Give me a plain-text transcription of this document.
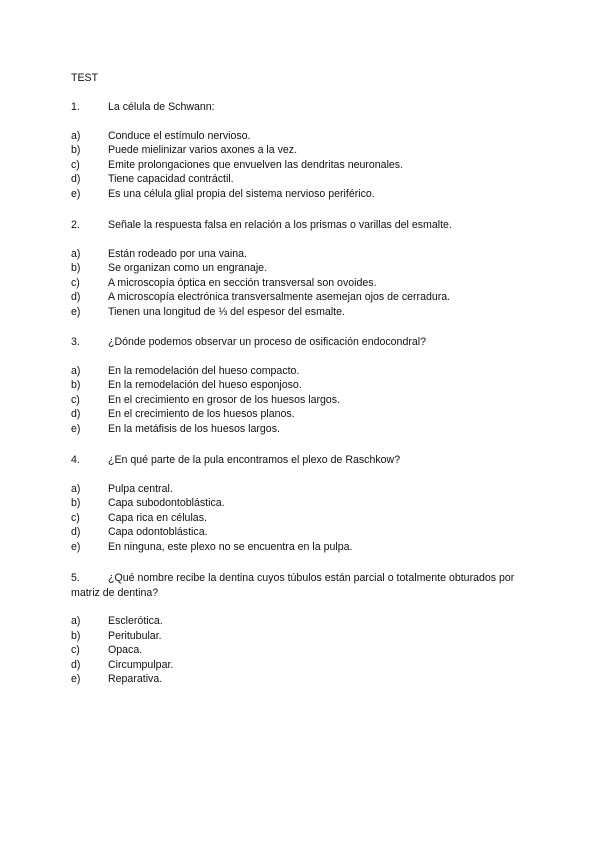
TEST
1.	La célula de Schwann:
a)	Conduce el estímulo nervioso.
b)	Puede mielinizar varios axones a la vez.
c)	Emite prolongaciones que envuelven las dendritas neuronales.
d)	Tiene capacidad contráctil.
e)	Es una célula glial propia del sistema nervioso periférico.
2.	Señale la respuesta falsa en relación a los prismas o varillas del esmalte.
a)	Están rodeado por una vaina.
b)	Se organizan como un engranaje.
c)	A microscopía óptica en sección transversal son ovoides.
d)	A microscopía electrónica transversalmente asemejan ojos de cerradura.
e)	Tienen una longitud de ⅓ del espesor del esmalte.
3.	¿Dónde podemos observar un proceso de osificación endocondral?
a)	En la remodelación del hueso compacto.
b)	En la remodelación del hueso esponjoso.
c)	En el crecimiento en grosor de los huesos largos.
d)	En el crecimiento de los huesos planos.
e)	En la metáfisis de los huesos largos.
4.	¿En qué parte de la pula encontramos el plexo de Raschkow?
a)	Pulpa central.
b)	Capa subodontoblástica.
c)	Capa rica en células.
d)	Capa odontoblástica.
e)	En ninguna, este plexo no se encuentra en la pulpa.
5.	¿Qué nombre recibe la dentina cuyos túbulos están parcial o totalmente obturados por matriz de dentina?
a)	Esclerótica.
b)	Peritubular.
c)	Opaca.
d)	Circumpulpar.
e)	Reparativa.
